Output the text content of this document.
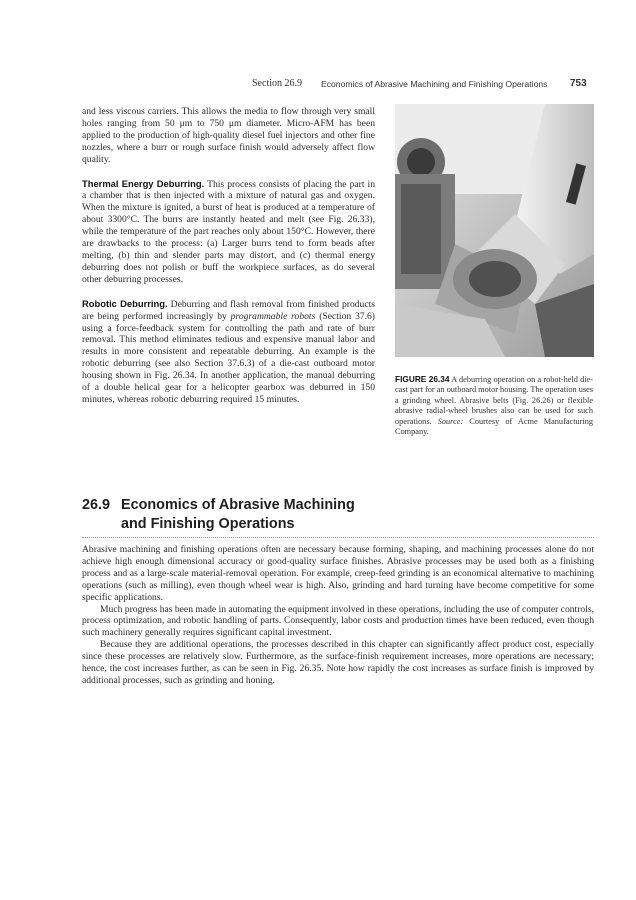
Section 26.9 Economics of Abrasive Machining and Finishing Operations 753

and less viscous carriers. This allows the media to flow through very small holes ranging from 50 μm to 750 μm diameter. Micro-AFM has been applied to the production of high-quality diesel fuel injectors and other fine nozzles, where a burr or rough surface finish would adversely affect flow quality.

Thermal Energy Deburring. This process consists of placing the part in a chamber that is then injected with a mixture of natural gas and oxygen. When the mixture is ignited, a burst of heat is produced at a temperature of about 3300°C. The burrs are instantly heated and melt (see Fig. 26.33), while the temperature of the part reaches only about 150°C. However, there are drawbacks to the process: (a) Larger burrs tend to form beads after melting, (b) thin and slender parts may distort, and (c) thermal energy deburring does not polish or buff the workpiece surfaces, as do several other deburring processes.

Robotic Deburring. Deburring and flash removal from finished products are being performed increasingly by programmable robots (Section 37.6) using a force-feedback system for controlling the path and rate of burr removal. This method eliminates tedious and expensive manual labor and results in more consistent and repeatable deburring. An example is the robotic deburring (see also Section 37.6.3) of a die-cast outboard motor housing shown in Fig. 26.34. In another application, the manual deburring of a double helical gear for a helicopter gearbox was deburred in 150 minutes, whereas robotic deburring required 15 minutes.

FIGURE 26.34 A deburring operation on a robot-held die-cast part for an outboard motor housing. The operation uses a grinding wheel. Abrasive belts (Fig. 26.26) or flexible abrasive radial-wheel brushes also can be used for such operations. Source: Courtesy of Acme Manufacturing Company.
26.9 Economics of Abrasive Machining
and Finishing Operations

Abrasive machining and finishing operations often are necessary because forming, shaping, and machining processes alone do not achieve high enough dimensional accuracy or good-quality surface finishes. Abrasive processes may be used both as a finishing process and as a large-scale material-removal operation. For example, creep-feed grinding is an economical alternative to machining operations (such as milling), even though wheel wear is high. Also, grinding and hard turning have become competitive for some specific applications.

Much progress has been made in automating the equipment involved in these operations, including the use of computer controls, process optimization, and robotic handling of parts. Consequently, labor costs and production times have been reduced, even though such machinery generally requires significant capital investment.

Because they are additional operations, the processes described in this chapter can significantly affect product cost, especially since these processes are relatively slow. Furthermore, as the surface-finish requirement increases, more operations are necessary; hence, the cost increases further, as can be seen in Fig. 26.35. Note how rapidly the cost increases as surface finish is improved by additional processes, such as grinding and honing.
